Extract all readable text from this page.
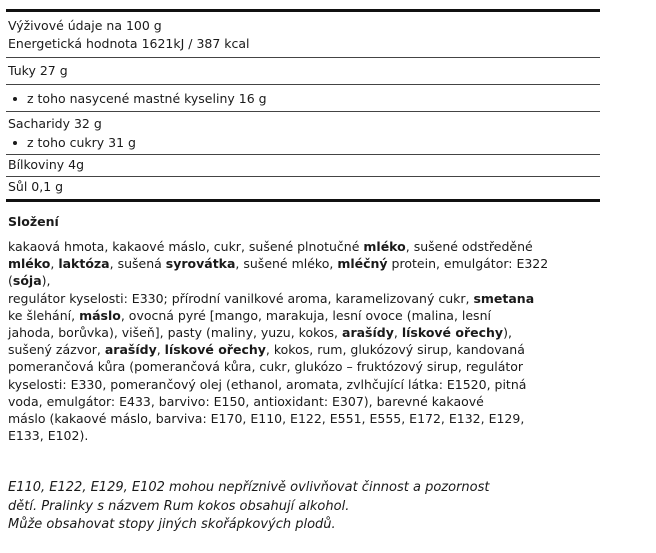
Výživové údaje na 100 g
Energetická hodnota 1621kJ / 387 kcal
Tuky 27 g
z toho nasycené mastné kyseliny 16 g
Sacharidy 32 g
z toho cukry 31 g
Bílkoviny 4g
Sůl 0,1 g
Složení

kakaová hmota, kakaové máslo, cukr, sušené plnotučné mléko, sušené odstředěné
mléko, laktóza, sušená syrovátka, sušené mléko, mléčný protein, emulgátor: E322
(sója),
regulátor kyselosti: E330; přírodní vanilkové aroma, karamelizovaný cukr, smetana
ke šlehání, máslo, ovocná pyré [mango, marakuja, lesní ovoce (malina, lesní
jahoda, borůvka), višeň], pasty (maliny, yuzu, kokos, arašídy, lískové ořechy),
sušený zázvor, arašídy, lískové ořechy, kokos, rum, glukózový sirup, kandovaná
pomerančová kůra (pomerančová kůra, cukr, glukózo – fruktózový sirup, regulátor
kyselosti: E330, pomerančový olej (ethanol, aromata, zvlhčující látka: E1520, pitná
voda, emulgátor: E433, barvivo: E150, antioxidant: E307), barevné kakaové
máslo (kakaové máslo, barviva: E170, E110, E122, E551, E555, E172, E132, E129,
E133, E102).

E110, E122, E129, E102 mohou nepříznivě ovlivňovat činnost a pozornost
dětí. Pralinky s názvem Rum kokos obsahují alkohol.
Může obsahovat stopy jiných skořápkových plodů.
